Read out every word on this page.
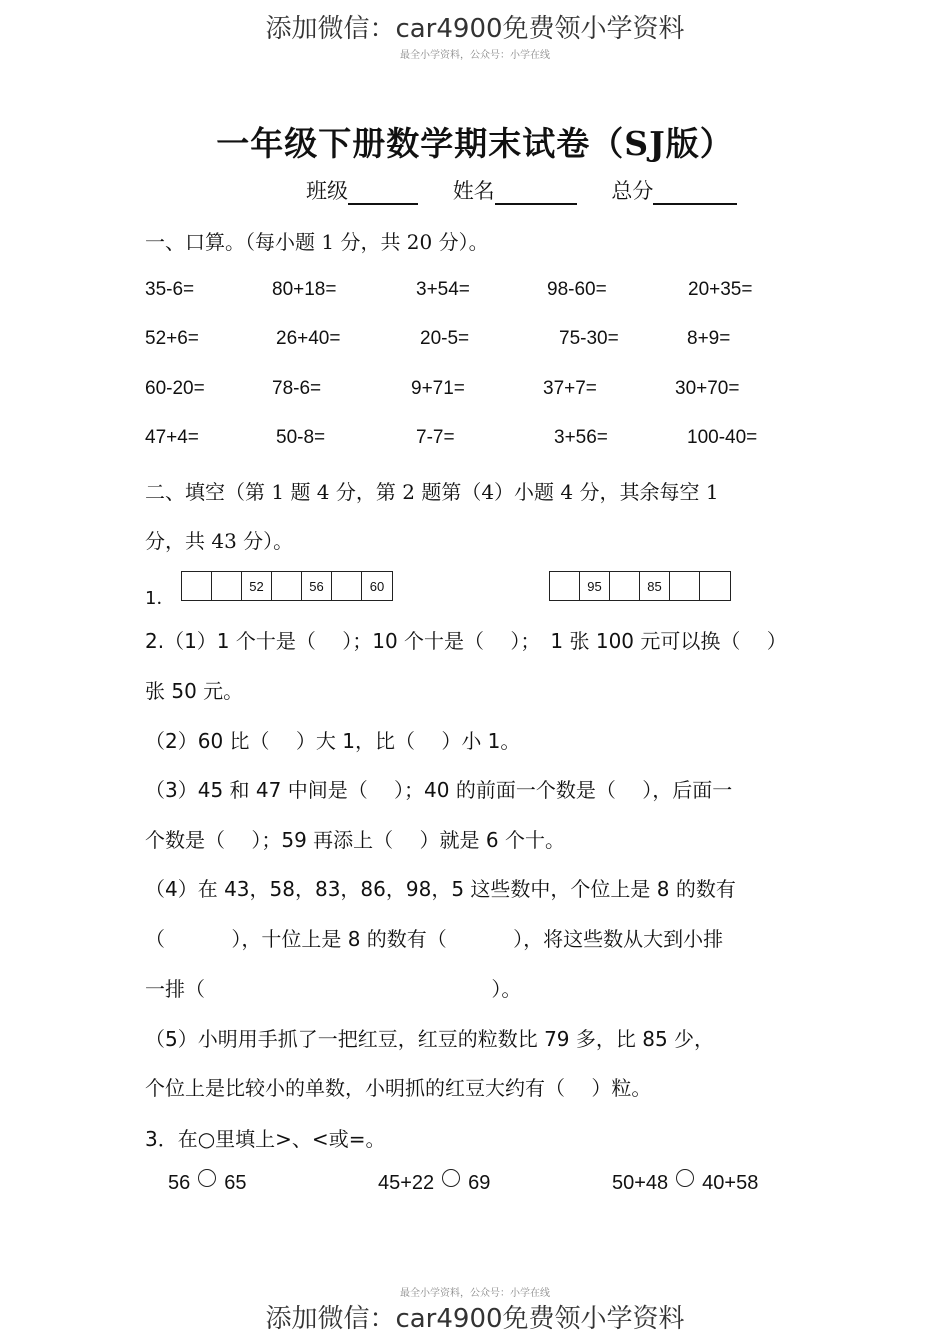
添加微信：car4900免费领小学资料
最全小学资料，公众号：小学在线
一年级下册数学期末试卷（SJ版）
班级	姓名	总分
一、口算。（每小题 1 分，共 20 分）。
35-6=	80+18=	3+54=	98-60=	20+35=
52+6=	26+40=	20-5=	75-30=	8+9=
60-20=	78-6=	9+71=	37+7=	30+70=
47+4=	50-8=	7-7=	3+56=	100-40=
二、填空（第 1 题 4 分，第 2 题第（4）小题 4 分，其余每空 1
分，共 43 分）。
1．
52	56	60	95	85
2.（1）1 个十是（　 ）；10 个十是（　 ）；　1 张 100 元可以换（　 ）
张 50 元。
（2）60 比（　 ）大 1，比（　 ）小 1。
（3）45 和 47 中间是（　 ）；40 的前面一个数是（　 ），后面一
个数是（　 ）；59 再添上（　 ）就是 6 个十。
（4）在 43，58，83，86，98，5 这些数中，个位上是 8 的数有
（　　　 ），十位上是 8 的数有（　　　 ），将这些数从大到小排
一排（　　　　　　　　　　　　　　 ）。
（5）小明用手抓了一把红豆，红豆的粒数比 79 多，比 85 少，
个位上是比较小的单数，小明抓的红豆大约有（　 ）粒。
3．在○里填上>、<或=。
56 65	45+22 69	50+48 40+58
最全小学资料，公众号：小学在线
添加微信：car4900免费领小学资料
